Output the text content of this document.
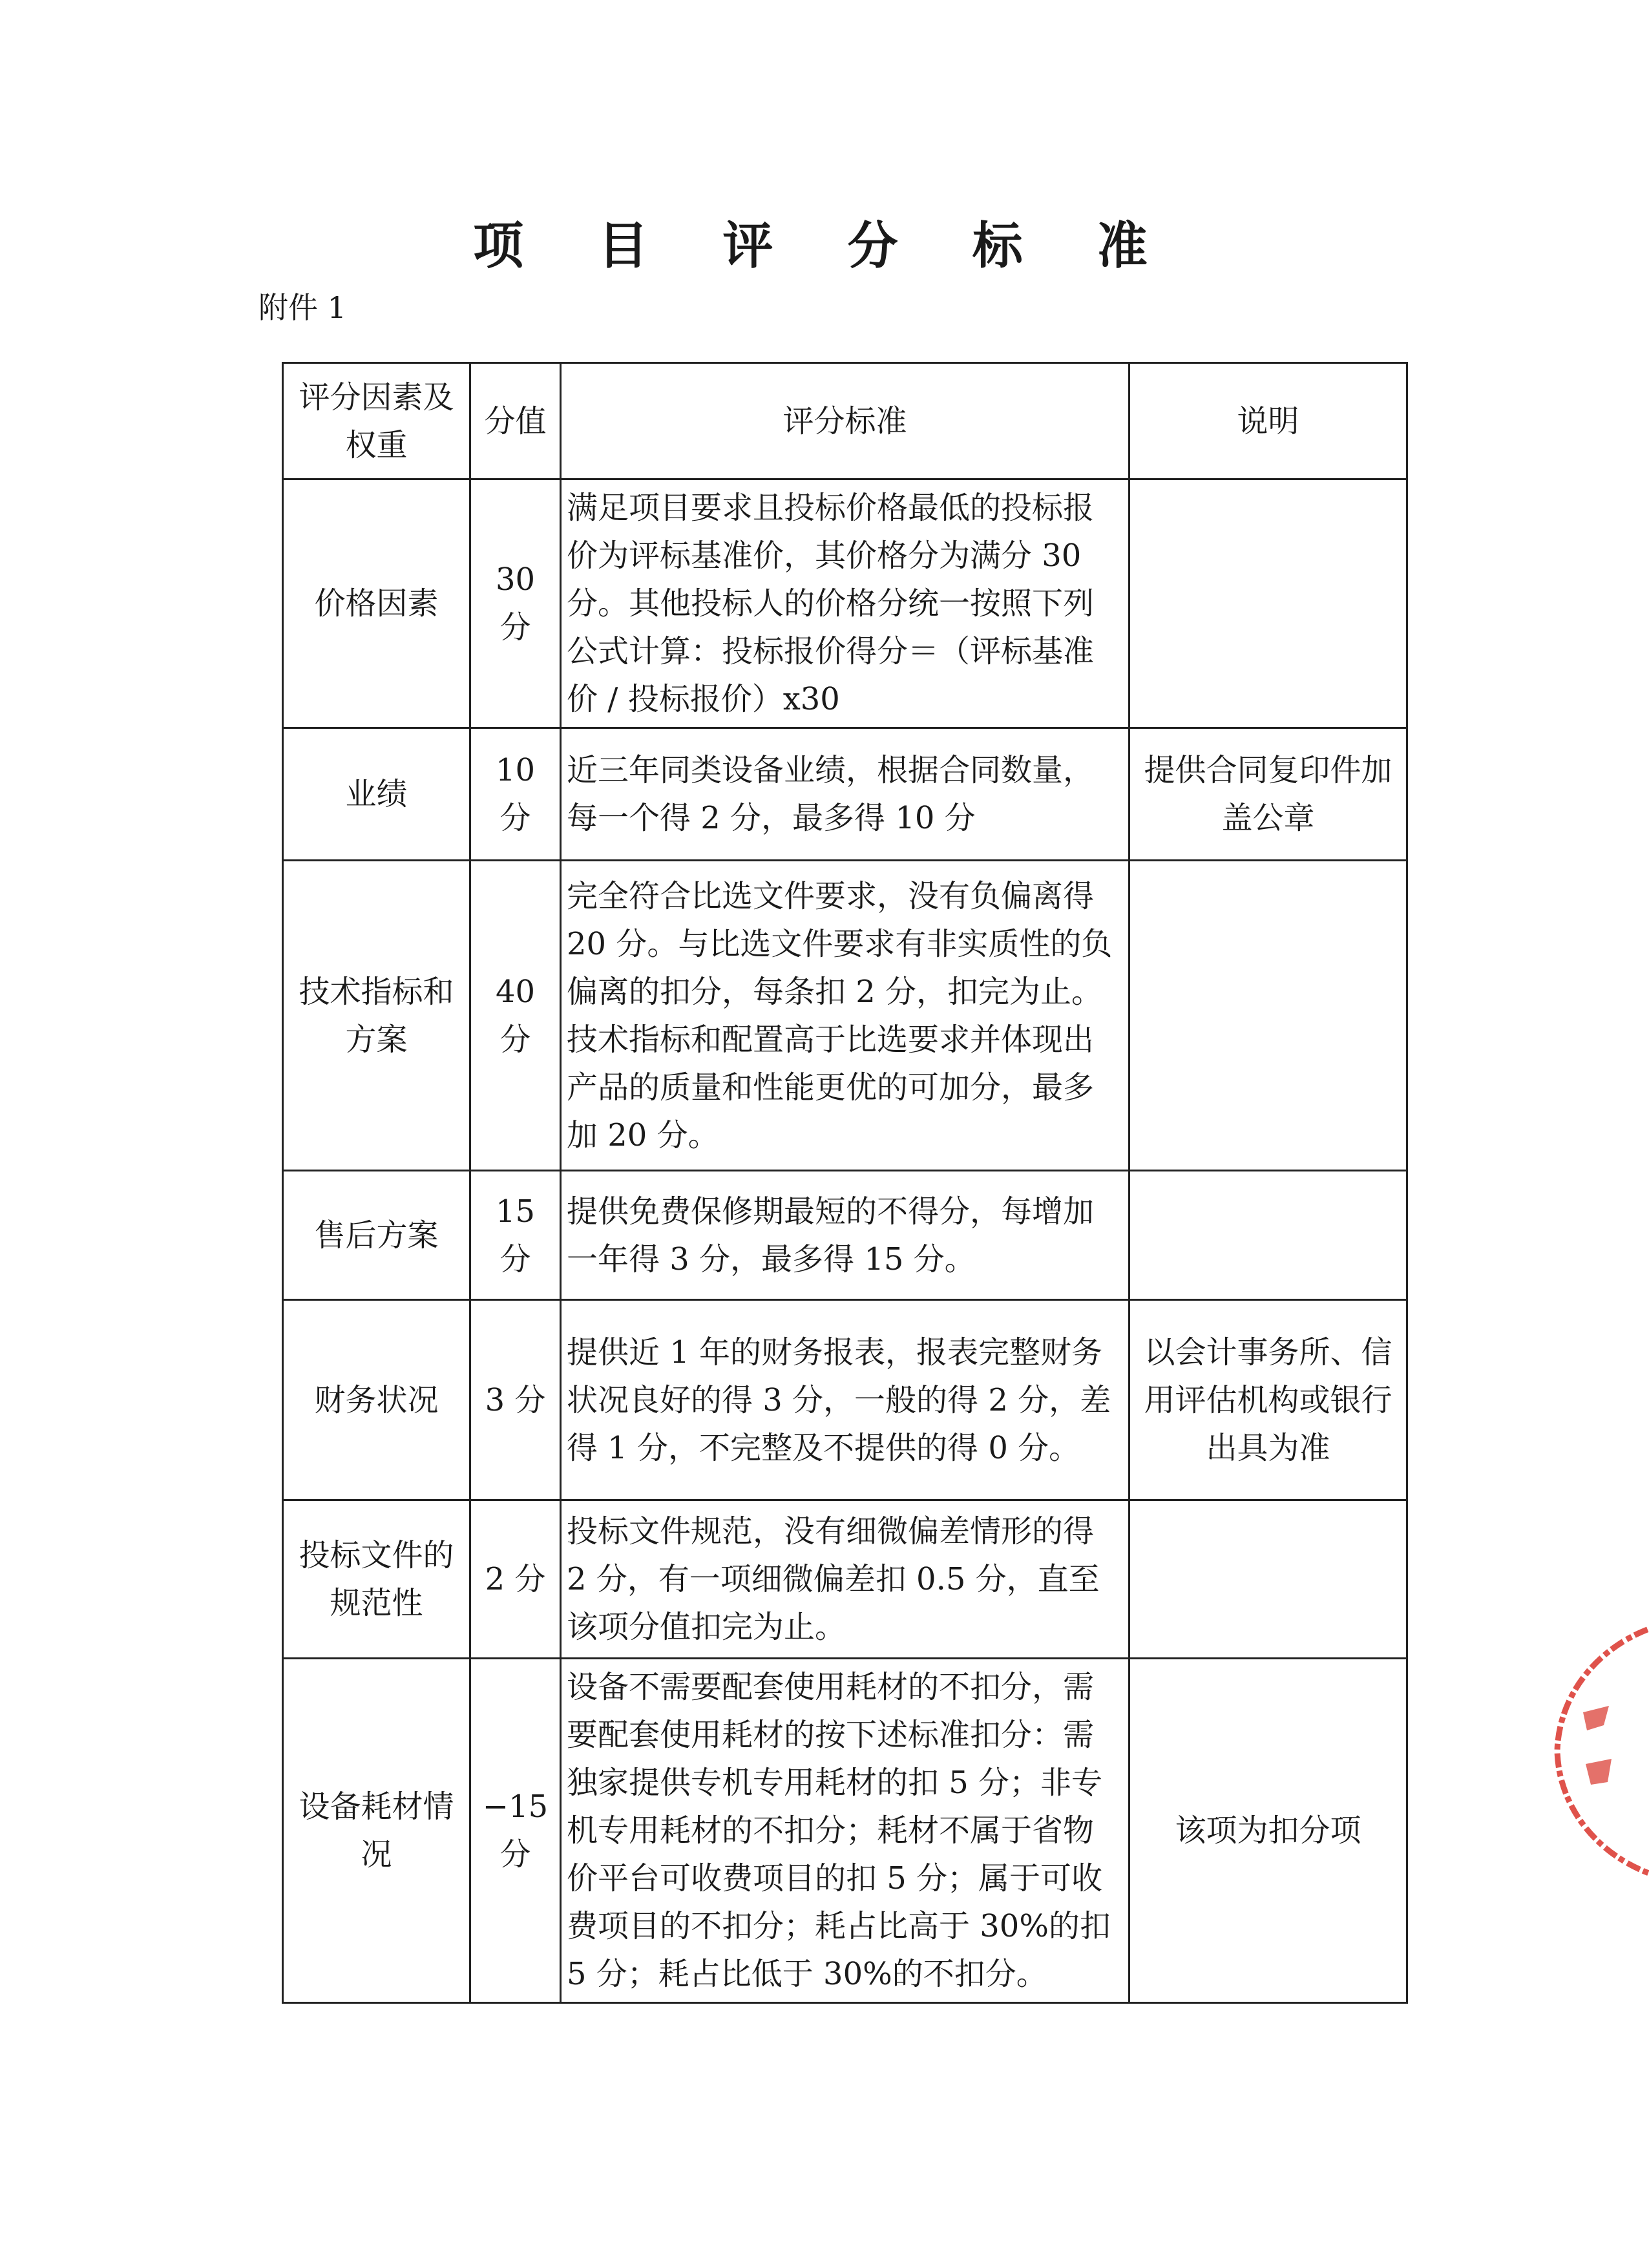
项 目 评 分 标 准
附件 1
评分因素及权重	分值	评分标准	说明
价格因素	30 分	满足项目要求且投标价格最低的投标报价为评标基准价，其价格分为满分 30 分。其他投标人的价格分统一按照下列公式计算：投标报价得分＝（评标基准价 / 投标报价）x30	
业绩	10 分	近三年同类设备业绩，根据合同数量，每一个得 2 分，最多得 10 分	提供合同复印件加盖公章
技术指标和方案	40 分	完全符合比选文件要求，没有负偏离得 20 分。与比选文件要求有非实质性的负偏离的扣分，每条扣 2 分，扣完为止。技术指标和配置高于比选要求并体现出产品的质量和性能更优的可加分，最多加 20 分。	
售后方案	15 分	提供免费保修期最短的不得分，每增加一年得 3 分，最多得 15 分。	
财务状况	3 分	提供近 1 年的财务报表，报表完整财务状况良好的得 3 分，一般的得 2 分，差得 1 分，不完整及不提供的得 0 分。	以会计事务所、信用评估机构或银行出具为准
投标文件的规范性	2 分	投标文件规范，没有细微偏差情形的得 2 分，有一项细微偏差扣 0.5 分，直至该项分值扣完为止。	
设备耗材情况	−15 分	设备不需要配套使用耗材的不扣分，需要配套使用耗材的按下述标准扣分：需独家提供专机专用耗材的扣 5 分；非专机专用耗材的不扣分；耗材不属于省物价平台可收费项目的扣 5 分；属于可收费项目的不扣分；耗占比高于 30%的扣 5 分；耗占比低于 30%的不扣分。	该项为扣分项
